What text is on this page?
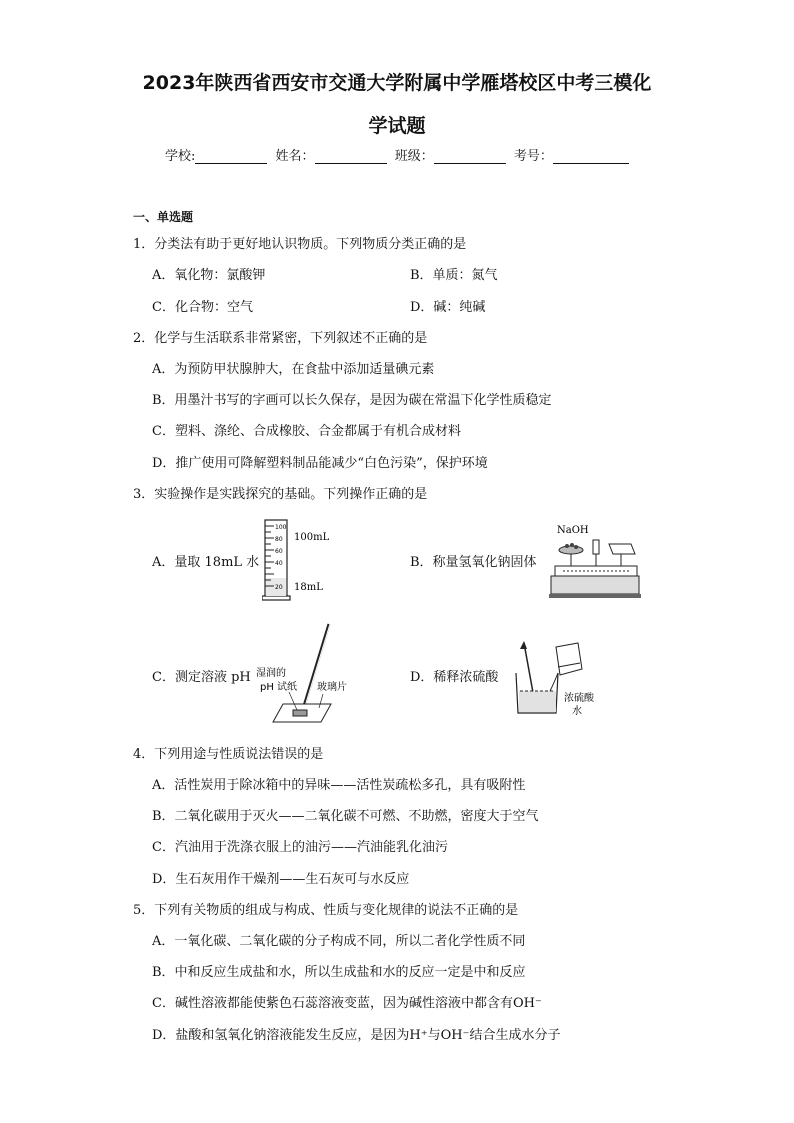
2023年陕西省西安市交通大学附属中学雁塔校区中考三模化
学试题
学校:	姓名：	班级：	考号：
一、单选题
1．分类法有助于更好地认识物质。下列物质分类正确的是
A．氧化物：氯酸钾	B．单质：氮气
C．化合物：空气	D．碱：纯碱
2．化学与生活联系非常紧密，下列叙述不正确的是
A．为预防甲状腺肿大，在食盐中添加适量碘元素
B．用墨汁书写的字画可以长久保存，是因为碳在常温下化学性质稳定
C．塑料、涤纶、合成橡胶、合金都属于有机合成材料
D．推广使用可降解塑料制品能减少“白色污染”，保护环境
3．实验操作是实践探究的基础。下列操作正确的是
A．量取 18mL 水	B．称量氢氧化钠固体
C．测定溶液 pH	D．稀释浓硫酸
100
80
60
40
20
100mL
18mL
NaOH
湿润的
pH 试纸 玻璃片
浓硫酸
水
4．下列用途与性质说法错误的是
A．活性炭用于除冰箱中的异味——活性炭疏松多孔，具有吸附性
B．二氧化碳用于灭火——二氧化碳不可燃、不助燃，密度大于空气
C．汽油用于洗涤衣服上的油污——汽油能乳化油污
D．生石灰用作干燥剂——生石灰可与水反应
5．下列有关物质的组成与构成、性质与变化规律的说法不正确的是
A．一氧化碳、二氧化碳的分子构成不同，所以二者化学性质不同
B．中和反应生成盐和水，所以生成盐和水的反应一定是中和反应
C．碱性溶液都能使紫色石蕊溶液变蓝，因为碱性溶液中都含有OH⁻
D．盐酸和氢氧化钠溶液能发生反应，是因为H⁺与OH⁻结合生成水分子
